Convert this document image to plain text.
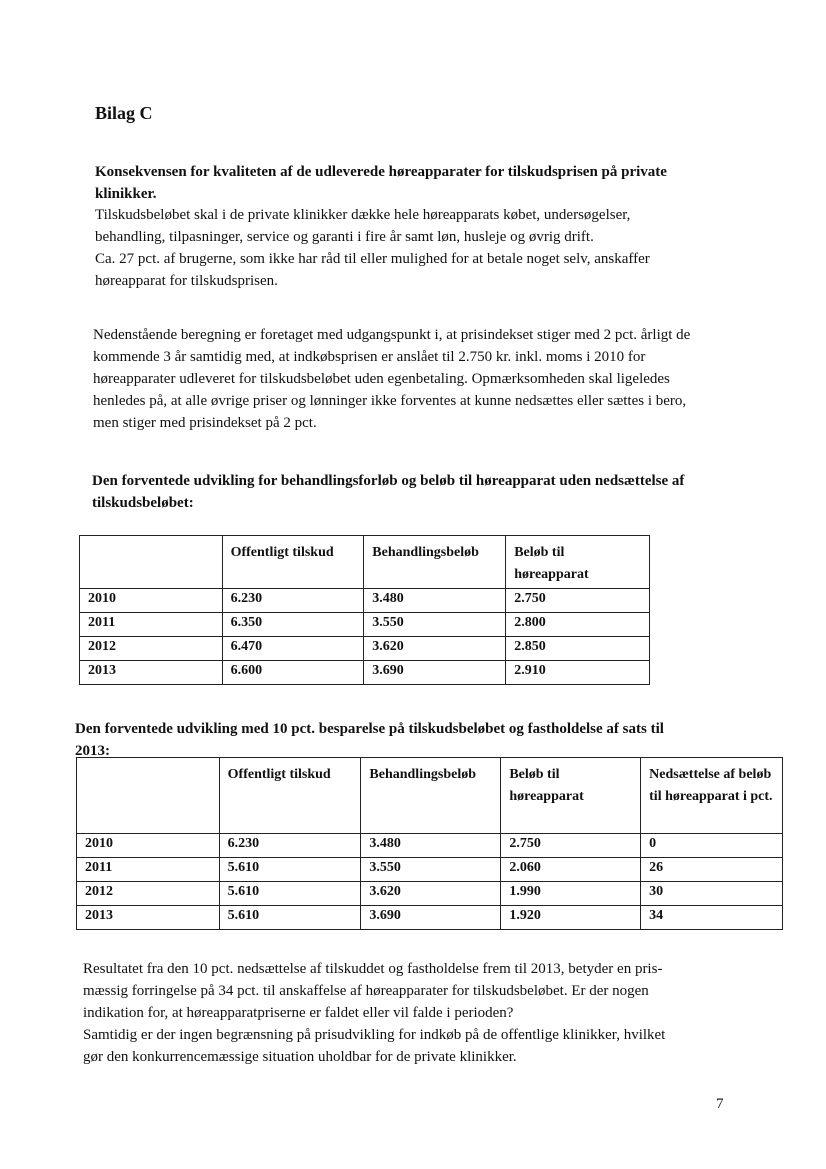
Bilag C
Konsekvensen for kvaliteten af de udleverede høreapparater for tilskudsprisen på private
klinikker.
Tilskudsbeløbet skal i de private klinikker dække hele høreapparats købet, undersøgelser,
behandling, tilpasninger, service og garanti i fire år samt løn, husleje og øvrig drift.
Ca. 27 pct. af brugerne, som ikke har råd til eller mulighed for at betale noget selv, anskaffer
høreapparat for tilskudsprisen.
Nedenstående beregning er foretaget med udgangspunkt i, at prisindekset stiger med 2 pct. årligt de
kommende 3 år samtidig med, at indkøbsprisen er anslået til 2.750 kr. inkl. moms i 2010 for
høreapparater udleveret for tilskudsbeløbet uden egenbetaling. Opmærksomheden skal ligeledes
henledes på, at alle øvrige priser og lønninger ikke forventes at kunne nedsættes eller sættes i bero,
men stiger med prisindekset på 2 pct.
Den forventede udvikling for behandlingsforløb og beløb til høreapparat uden nedsættelse af
tilskudsbeløbet:
	Offentligt tilskud	Behandlingsbeløb	Beløb til høreapparat
2010	6.230	3.480	2.750
2011	6.350	3.550	2.800
2012	6.470	3.620	2.850
2013	6.600	3.690	2.910
Den forventede udvikling med 10 pct. besparelse på tilskudsbeløbet og fastholdelse af sats til
2013:
	Offentligt tilskud	Behandlingsbeløb	Beløb til høreapparat	Nedsættelse af beløb til høreapparat i pct.
2010	6.230	3.480	2.750	0
2011	5.610	3.550	2.060	26
2012	5.610	3.620	1.990	30
2013	5.610	3.690	1.920	34
Resultatet fra den 10 pct. nedsættelse af tilskuddet og fastholdelse frem til 2013, betyder en pris-
mæssig forringelse på 34 pct. til anskaffelse af høreapparater for tilskudsbeløbet. Er der nogen
indikation for, at høreapparatpriserne er faldet eller vil falde i perioden?
Samtidig er der ingen begrænsning på prisudvikling for indkøb på de offentlige klinikker, hvilket
gør den konkurrencemæssige situation uholdbar for de private klinikker.
7
